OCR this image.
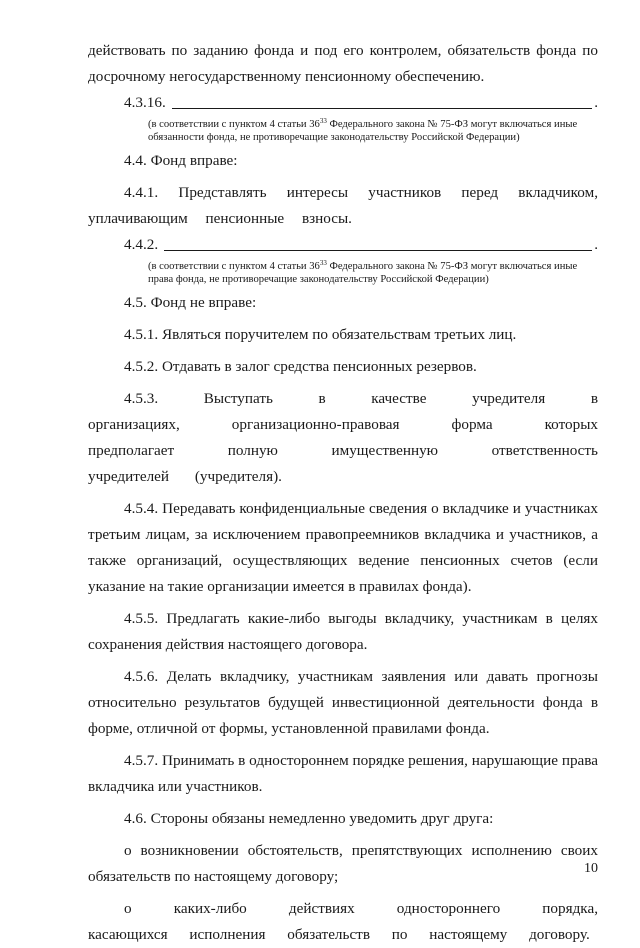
действовать по заданию фонда и под его контролем, обязательств фонда по досрочному негосударственному пенсионному обеспечению.

4.3.16.	.

(в соответствии с пунктом 4 статьи $36^{33}$ Федерального закона № 75-ФЗ могут включаться иные обязанности фонда, не противоречащие законодательству Российской Федерации)

4.4. Фонд вправе:

4.4.1. Представлять интересы участников перед вкладчиком, уплачивающим пенсионные взносы.

4.4.2.	.

(в соответствии с пунктом 4 статьи $36^{33}$ Федерального закона № 75-ФЗ могут включаться иные права фонда, не противоречащие законодательству Российской Федерации)

4.5. Фонд не вправе:

4.5.1. Являться поручителем по обязательствам третьих лиц.

4.5.2. Отдавать в залог средства пенсионных резервов.

4.5.3. Выступать в качестве учредителя в организациях, организационно-правовая форма которых предполагает полную имущественную ответственность учредителей (учредителя).

4.5.4. Передавать конфиденциальные сведения о вкладчике и участниках третьим лицам, за исключением правопреемников вкладчика и участников, а также организаций, осуществляющих ведение пенсионных счетов (если указание на такие организации имеется в правилах фонда).

4.5.5. Предлагать какие-либо выгоды вкладчику, участникам в целях сохранения действия настоящего договора.

4.5.6. Делать вкладчику, участникам заявления или давать прогнозы относительно результатов будущей инвестиционной деятельности фонда в форме, отличной от формы, установленной правилами фонда.

4.5.7. Принимать в одностороннем порядке решения, нарушающие права вкладчика или участников.

4.6. Стороны обязаны немедленно уведомить друг друга:

о возникновении обстоятельств, препятствующих исполнению своих обязательств по настоящему договору;

о каких-либо действиях одностороннего порядка, касающихся исполнения обязательств по настоящему договору.

10
